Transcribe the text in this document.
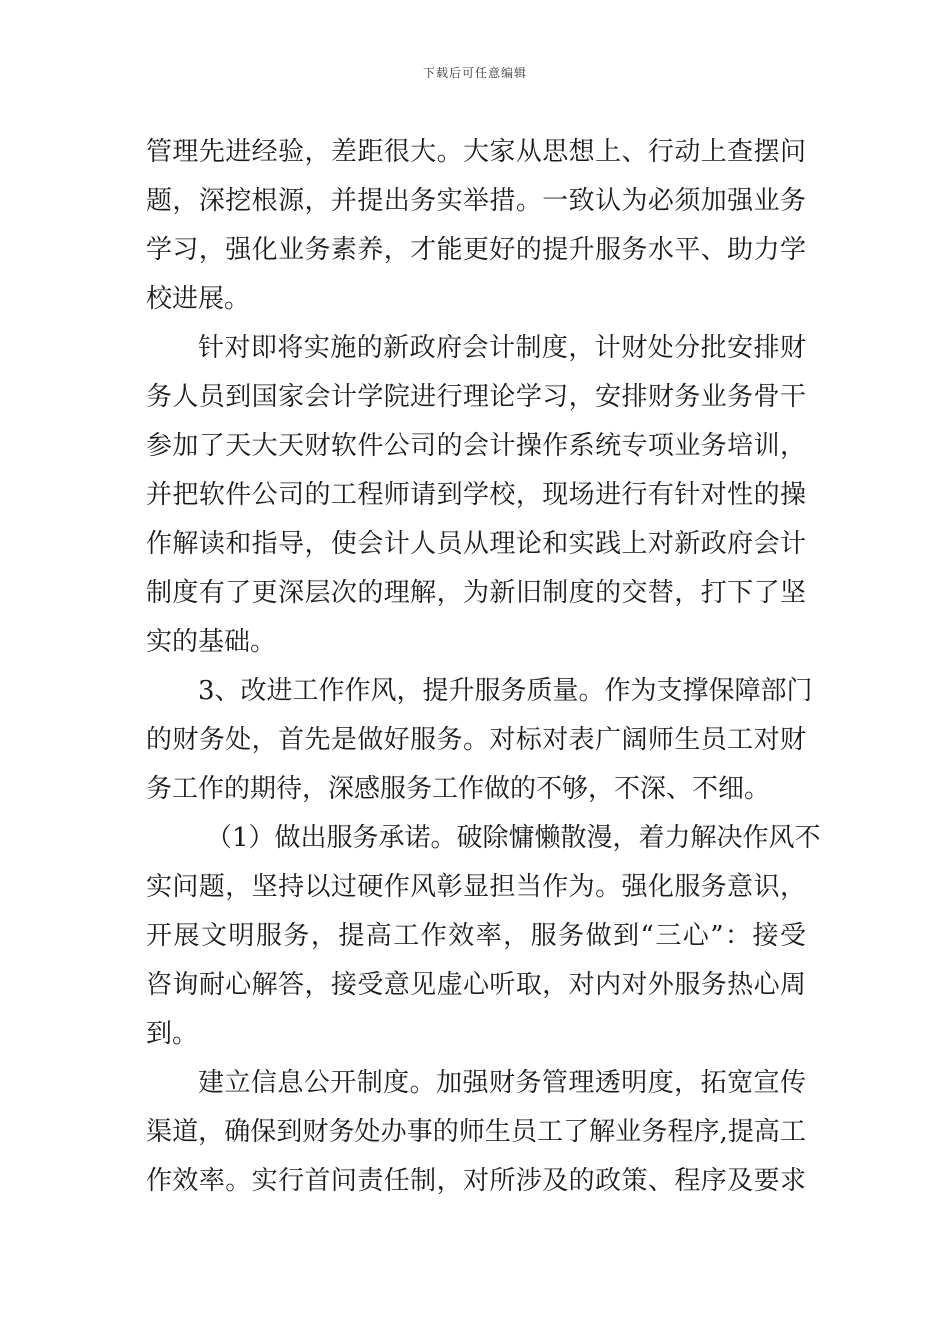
下载后可任意编辑
管理先进经验，差距很大。大家从思想上、行动上查摆问
题，深挖根源，并提出务实举措。一致认为必须加强业务
学习，强化业务素养，才能更好的提升服务水平、助力学
校进展。
针对即将实施的新政府会计制度，计财处分批安排财
务人员到国家会计学院进行理论学习，安排财务业务骨干
参加了天大天财软件公司的会计操作系统专项业务培训，
并把软件公司的工程师请到学校，现场进行有针对性的操
作解读和指导，使会计人员从理论和实践上对新政府会计
制度有了更深层次的理解，为新旧制度的交替，打下了坚
实的基础。
3、改进工作作风，提升服务质量。作为支撑保障部门
的财务处，首先是做好服务。对标对表广阔师生员工对财
务工作的期待，深感服务工作做的不够，不深、不细。
（1）做出服务承诺。破除慵懒散漫，着力解决作风不
实问题，坚持以过硬作风彰显担当作为。强化服务意识，
开展文明服务，提高工作效率，服务做到“三心”：接受
咨询耐心解答，接受意见虚心听取，对内对外服务热心周
到。
建立信息公开制度。加强财务管理透明度，拓宽宣传
渠道，确保到财务处办事的师生员工了解业务程序,提高工
作效率。实行首问责任制，对所涉及的政策、程序及要求
